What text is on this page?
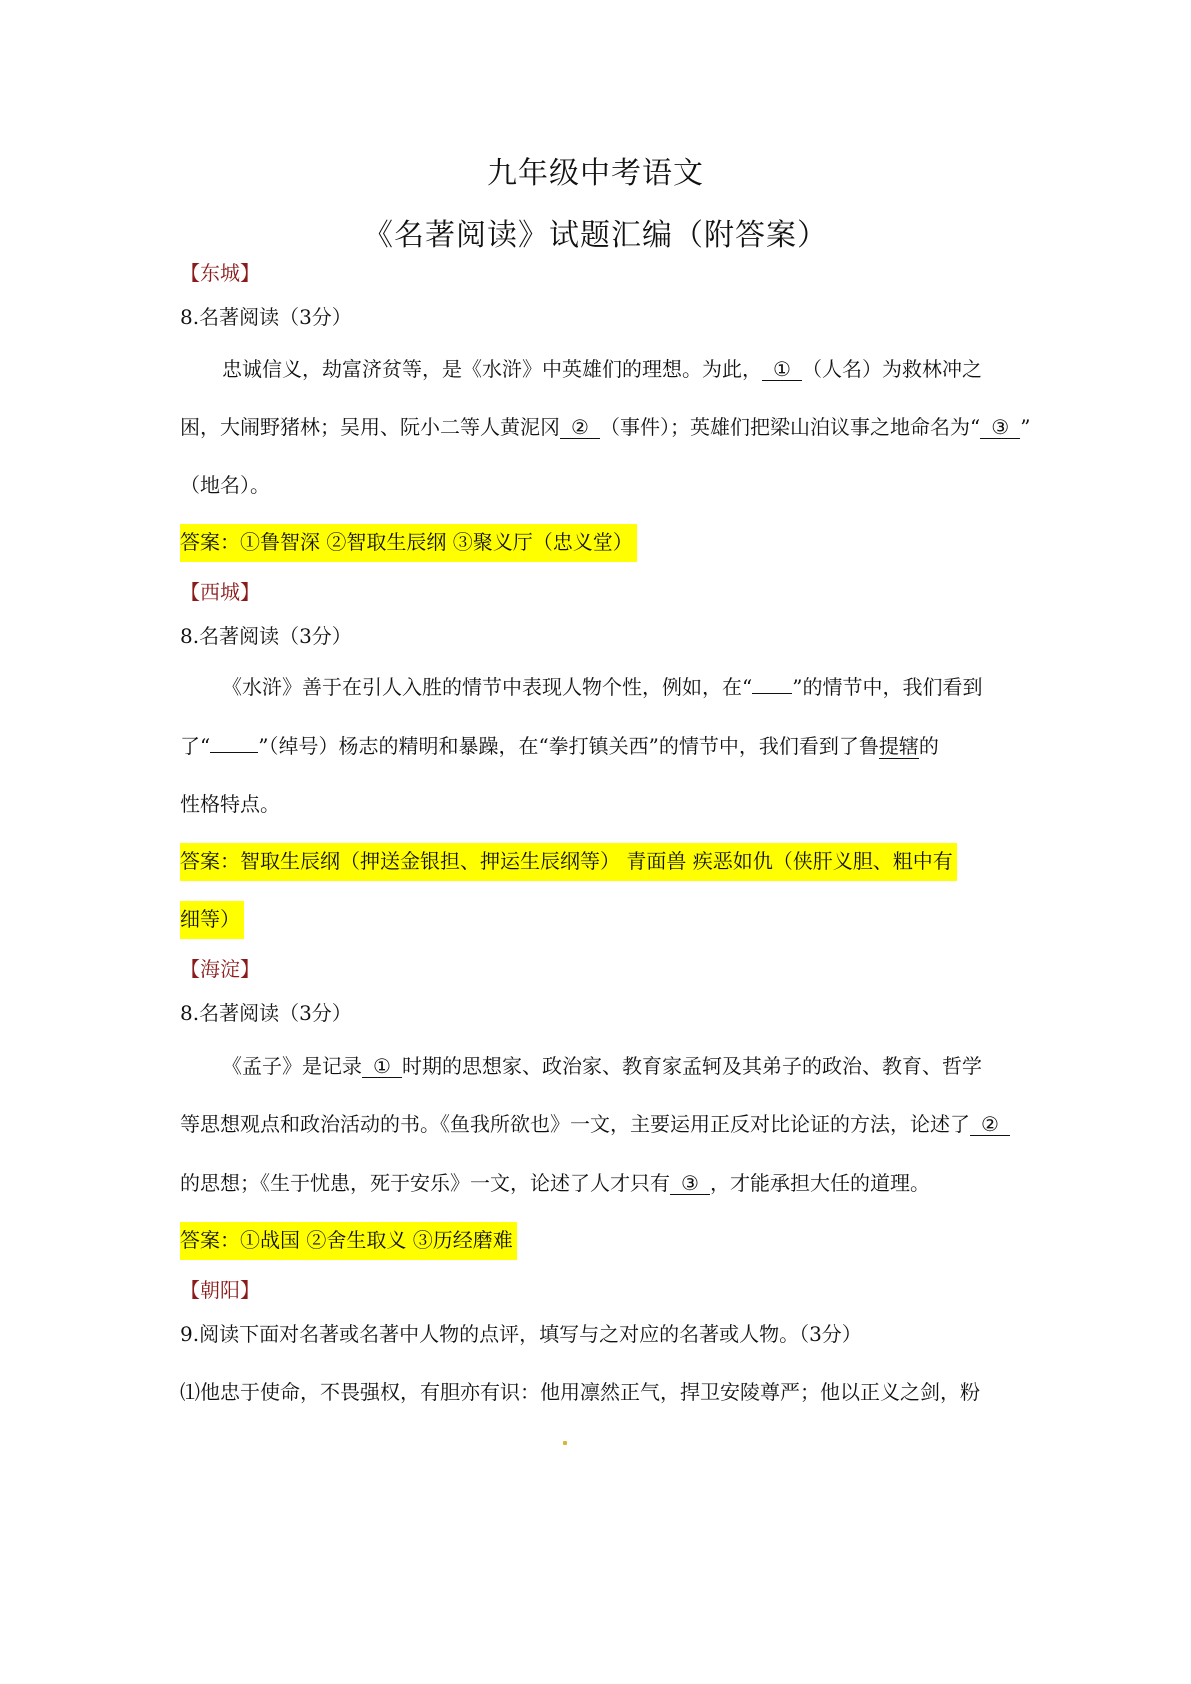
九年级中考语文
《名著阅读》试题汇编（附答案）
【东城】
8.名著阅读（3分）
忠诚信义，劫富济贫等，是《水浒》中英雄们的理想。为此， ① （人名）为救林冲之
困，大闹野猪林；吴用、阮小二等人黄泥冈 ② （事件）；英雄们把梁山泊议事之地命名为“ ③ ”
（地名）。
答案：①鲁智深 ②智取生辰纲 ③聚义厅（忠义堂）
【西城】
8.名著阅读（3分）
《水浒》善于在引人入胜的情节中表现人物个性，例如，在“ ”的情节中，我们看到
了“ ”（绰号）杨志的精明和暴躁，在“拳打镇关西”的情节中，我们看到了鲁提辖的
性格特点。
答案：智取生辰纲（押送金银担、押运生辰纲等） 青面兽 疾恶如仇（侠肝义胆、粗中有
细等）
【海淀】
8.名著阅读（3分）
《孟子》是记录 ① 时期的思想家、政治家、教育家孟轲及其弟子的政治、教育、哲学
等思想观点和政治活动的书。《鱼我所欲也》一文，主要运用正反对比论证的方法，论述了 ②
的思想；《生于忧患，死于安乐》一文，论述了人才只有 ③ ，才能承担大任的道理。
答案：①战国 ②舍生取义 ③历经磨难
【朝阳】
9.阅读下面对名著或名著中人物的点评，填写与之对应的名著或人物。（3分）
⑴他忠于使命，不畏强权，有胆亦有识：他用凛然正气，捍卫安陵尊严；他以正义之剑，粉
